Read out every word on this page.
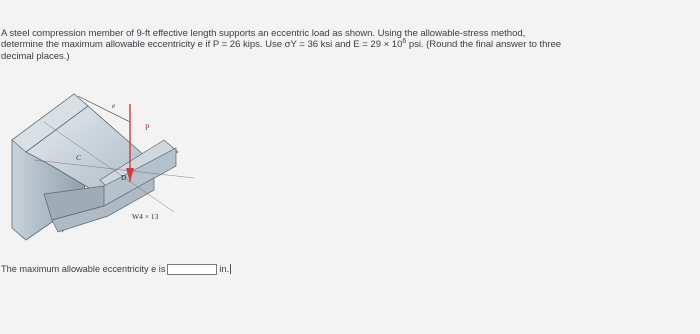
A steel compression member of 9-ft effective length supports an eccentric load as shown. Using the allowable-stress method,
determine the maximum allowable eccentricity e if P = 26 kips. Use σY = 36 ksi and $E = 29 \times 10^6$ psi. (Round the final answer to three
decimal places.)
e
P
C
D
W4 × 13
The maximum allowable eccentricity e is	in.
